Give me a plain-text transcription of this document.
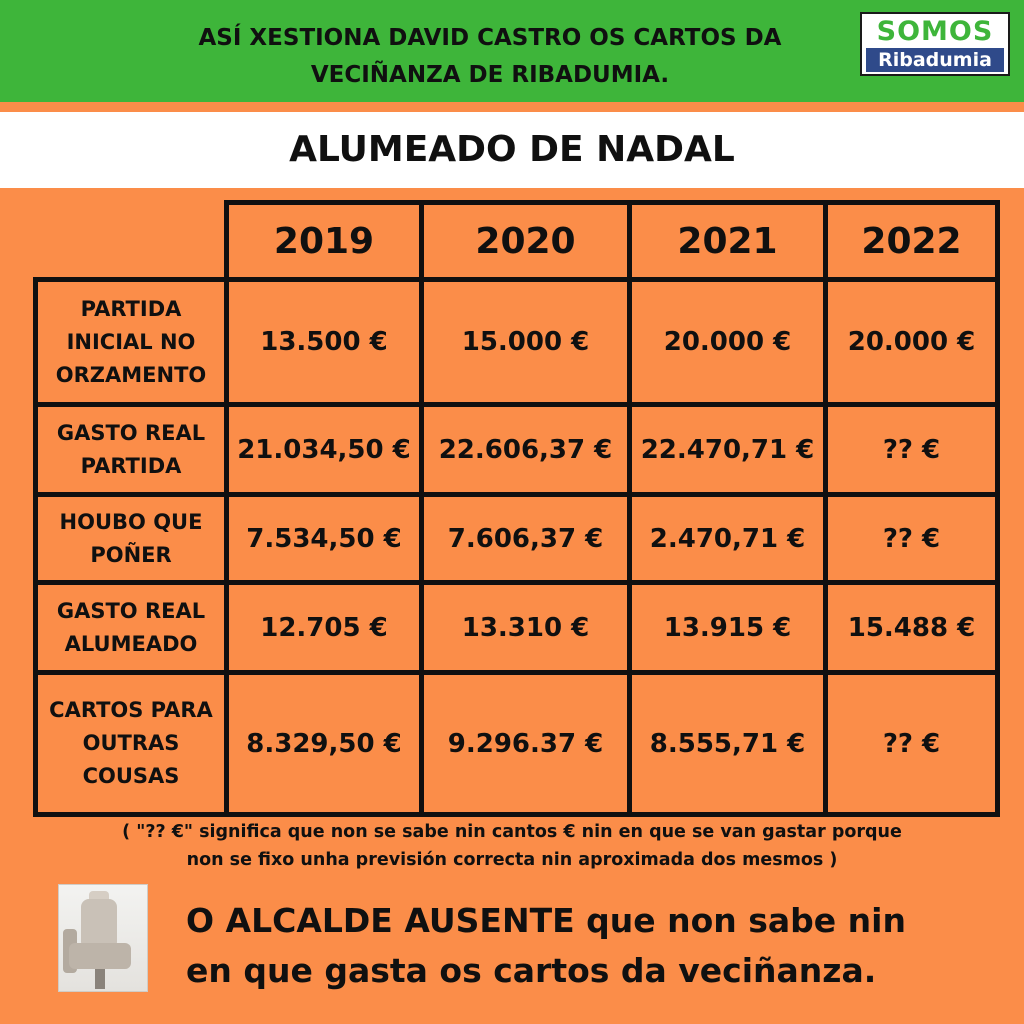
ASÍ XESTIONA DAVID CASTRO OS CARTOS DA
VECIÑANZA DE RIBADUMIA.
SOMOS
Ribadumia
ALUMEADO DE NADAL
2019	2020	2021	2022
PARTIDA INICIAL NO ORZAMENTO
13.500 €	15.000 €	20.000 €	20.000 €
GASTO REAL PARTIDA
21.034,50 €	22.606,37 €	22.470,71 €	?? €
HOUBO QUE POÑER
7.534,50 €	7.606,37 €	2.470,71 €	?? €
GASTO REAL ALUMEADO
12.705 €	13.310 €	13.915 €	15.488 €
CARTOS PARA OUTRAS COUSAS
8.329,50 €	9.296.37 €	8.555,71 €	?? €
( "?? €" significa que non se sabe nin cantos € nin en que se van gastar porque
non se fixo unha previsión correcta nin aproximada dos mesmos )
O ALCALDE AUSENTE que non sabe nin
en que gasta os cartos da veciñanza.
